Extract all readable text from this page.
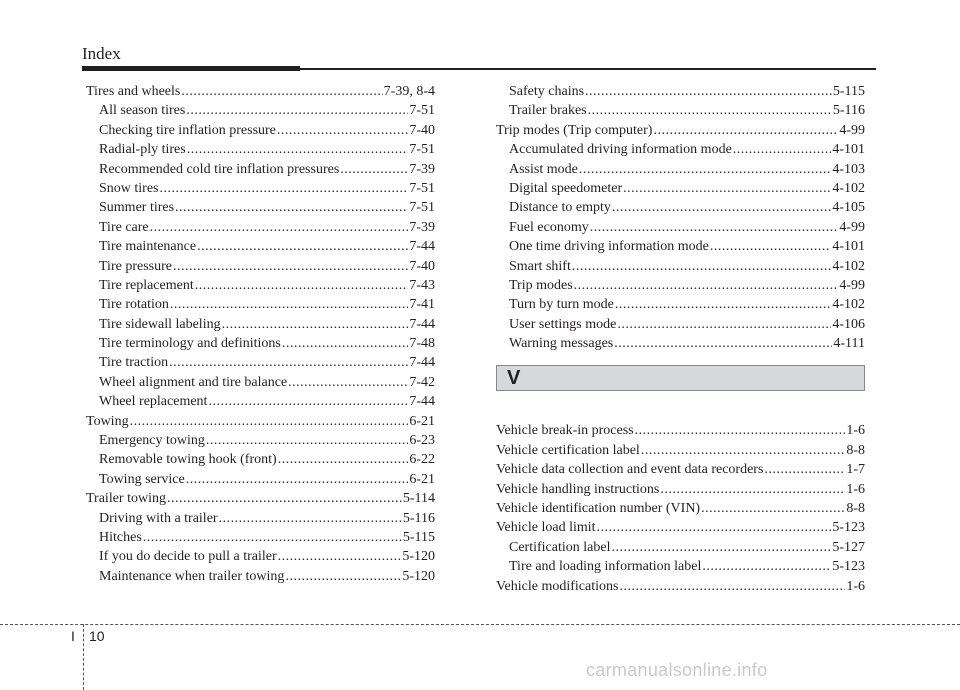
Index
Tires and wheels .....	7-39, 8-4
All season tires .....	7-51
Checking tire inflation pressure .....	7-40
Radial-ply tires .....	7-51
Recommended cold tire inflation pressures .....	7-39
Snow tires .....	7-51
Summer tires .....	7-51
Tire care .....	7-39
Tire maintenance .....	7-44
Tire pressure .....	7-40
Tire replacement .....	7-43
Tire rotation .....	7-41
Tire sidewall labeling .....	7-44
Tire terminology and definitions .....	7-48
Tire traction .....	7-44
Wheel alignment and tire balance .....	7-42
Wheel replacement .....	7-44
Towing .....	6-21
Emergency towing .....	6-23
Removable towing hook (front) .....	6-22
Towing service .....	6-21
Trailer towing .....	5-114
Driving with a trailer .....	5-116
Hitches .....	5-115
If you do decide to pull a trailer .....	5-120
Maintenance when trailer towing .....	5-120
Safety chains .....	5-115
Trailer brakes .....	5-116
Trip modes (Trip computer) .....	4-99
Accumulated driving information mode .....	4-101
Assist mode .....	4-103
Digital speedometer .....	4-102
Distance to empty .....	4-105
Fuel economy .....	4-99
One time driving information mode .....	4-101
Smart shift .....	4-102
Trip modes .....	4-99
Turn by turn mode .....	4-102
User settings mode .....	4-106
Warning messages .....	4-111
V
Vehicle break-in process .....	1-6
Vehicle certification label .....	8-8
Vehicle data collection and event data recorders .....	1-7
Vehicle handling instructions .....	1-6
Vehicle identification number (VIN) .....	8-8
Vehicle load limit .....	5-123
Certification label .....	5-127
Tire and loading information label .....	5-123
Vehicle modifications .....	1-6
I 10
carmanualsonline.info
